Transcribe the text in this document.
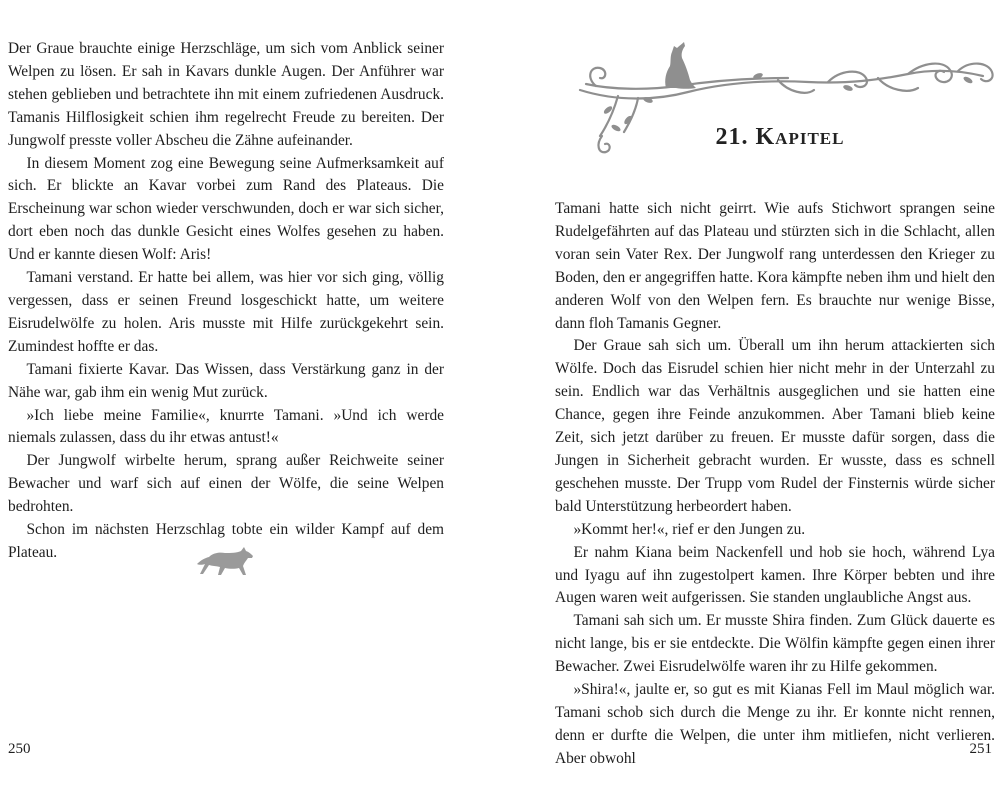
Der Graue brauchte einige Herzschläge, um sich vom Anblick seiner Welpen zu lösen. Er sah in Kavars dunkle Augen. Der Anführer war stehen geblieben und betrachtete ihn mit einem zufriedenen Ausdruck. Tamanis Hilflosigkeit schien ihm regelrecht Freude zu bereiten. Der Jungwolf presste voller Abscheu die Zähne aufeinander.

In diesem Moment zog eine Bewegung seine Aufmerksamkeit auf sich. Er blickte an Kavar vorbei zum Rand des Plateaus. Die Erscheinung war schon wieder verschwunden, doch er war sich sicher, dort eben noch das dunkle Gesicht eines Wolfes gesehen zu haben. Und er kannte diesen Wolf: Aris!

Tamani verstand. Er hatte bei allem, was hier vor sich ging, völlig vergessen, dass er seinen Freund losgeschickt hatte, um weitere Eisrudelwölfe zu holen. Aris musste mit Hilfe zurückgekehrt sein. Zumindest hoffte er das.

Tamani fixierte Kavar. Das Wissen, dass Verstärkung ganz in der Nähe war, gab ihm ein wenig Mut zurück.

»Ich liebe meine Familie«, knurrte Tamani. »Und ich werde niemals zulassen, dass du ihr etwas antust!«

Der Jungwolf wirbelte herum, sprang außer Reichweite seiner Bewacher und warf sich auf einen der Wölfe, die seine Welpen bedrohten.

Schon im nächsten Herzschlag tobte ein wilder Kampf auf dem Plateau.

250
21. Kapitel

Tamani hatte sich nicht geirrt. Wie aufs Stichwort sprangen seine Rudelgefährten auf das Plateau und stürzten sich in die Schlacht, allen voran sein Vater Rex. Der Jungwolf rang unterdessen den Krieger zu Boden, den er angegriffen hatte. Kora kämpfte neben ihm und hielt den anderen Wolf von den Welpen fern. Es brauchte nur wenige Bisse, dann floh Tamanis Gegner.

Der Graue sah sich um. Überall um ihn herum attackierten sich Wölfe. Doch das Eisrudel schien hier nicht mehr in der Unterzahl zu sein. Endlich war das Verhältnis ausgeglichen und sie hatten eine Chance, gegen ihre Feinde anzukommen. Aber Tamani blieb keine Zeit, sich jetzt darüber zu freuen. Er musste dafür sorgen, dass die Jungen in Sicherheit gebracht wurden. Er wusste, dass es schnell geschehen musste. Der Trupp vom Rudel der Finsternis würde sicher bald Unterstützung herbeordert haben.

»Kommt her!«, rief er den Jungen zu.

Er nahm Kiana beim Nackenfell und hob sie hoch, während Lya und Iyagu auf ihn zugestolpert kamen. Ihre Körper bebten und ihre Augen waren weit aufgerissen. Sie standen unglaubliche Angst aus.

Tamani sah sich um. Er musste Shira finden. Zum Glück dauerte es nicht lange, bis er sie entdeckte. Die Wölfin kämpfte gegen einen ihrer Bewacher. Zwei Eisrudelwölfe waren ihr zu Hilfe gekommen.

»Shira!«, jaulte er, so gut es mit Kianas Fell im Maul möglich war. Tamani schob sich durch die Menge zu ihr. Er konnte nicht rennen, denn er durfte die Welpen, die unter ihm mitliefen, nicht verlieren. Aber obwohl

251
